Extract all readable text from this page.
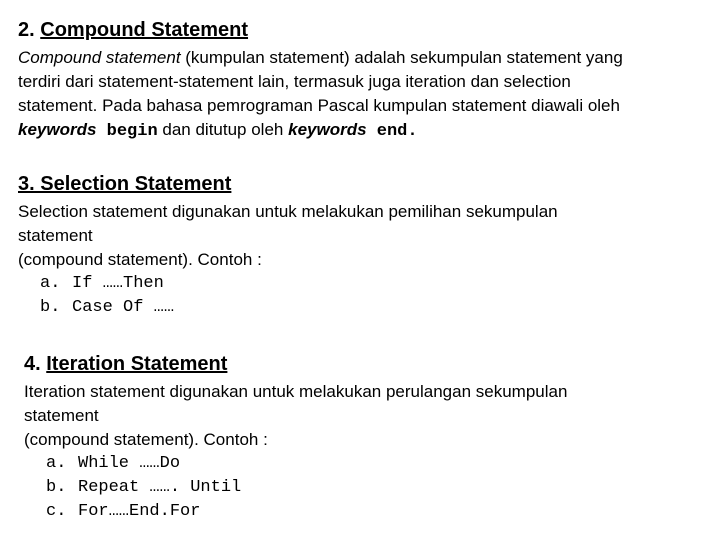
2. Compound Statement

Compound statement (kumpulan statement) adalah sekumpulan statement yang
terdiri dari statement-statement lain, termasuk juga iteration dan selection
statement. Pada bahasa pemrograman Pascal kumpulan statement diawali oleh
keywords begin dan ditutup oleh keywords end.

3. Selection Statement

Selection statement digunakan untuk melakukan pemilihan sekumpulan
statement
(compound statement). Contoh :

a. If ……Then
b. Case Of ……
4. Iteration Statement

Iteration statement digunakan untuk melakukan perulangan sekumpulan
statement
(compound statement). Contoh :

a. While ……Do
b. Repeat ……. Until
c. For……End.For
